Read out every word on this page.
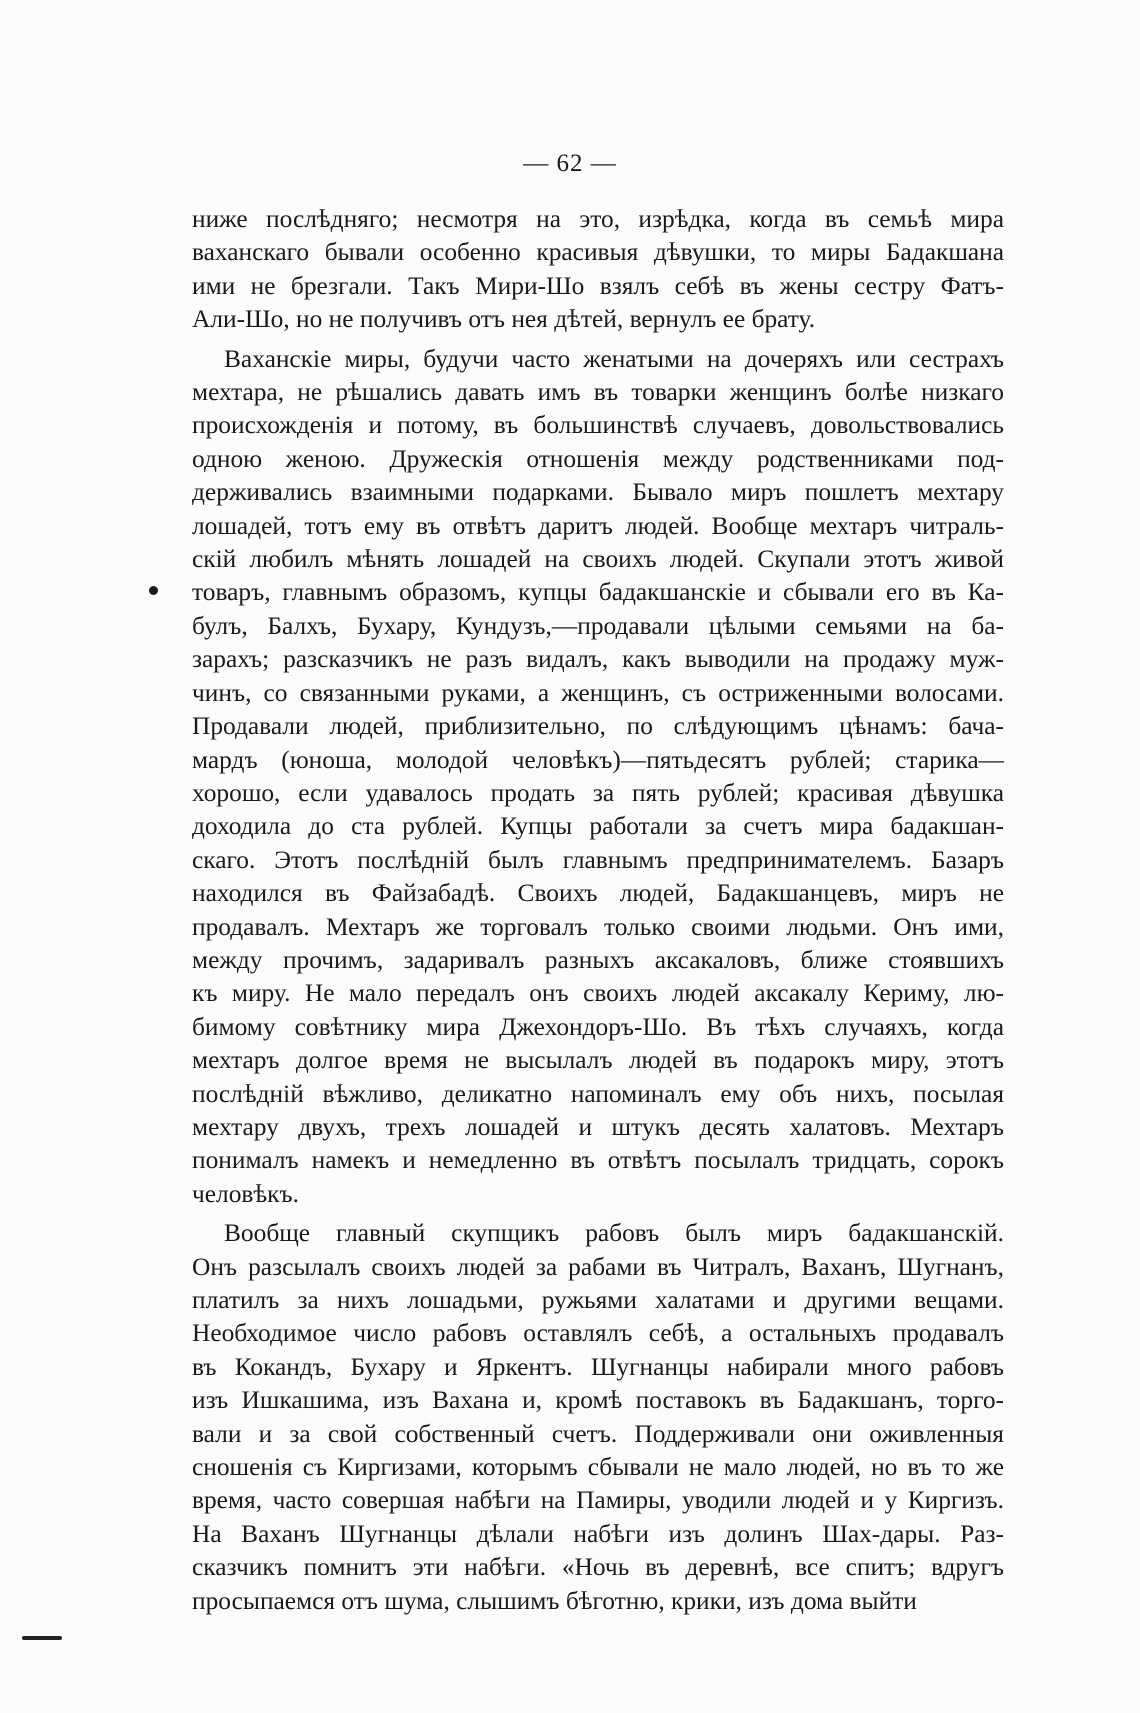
— 62 —

ниже послѣдняго; несмотря на это, изрѣдка, когда въ семьѣ мира
ваханскаго бывали особенно красивыя дѣвушки, то миры Бадакшана
ими не брезгали. Такъ Мири-Шо взялъ себѣ въ жены сестру Фатъ-
Али-Шо, но не получивъ отъ нея дѣтей, вернулъ ее брату.

Ваханскіе миры, будучи часто женатыми на дочеряхъ или сестрахъ
мехтара, не рѣшались давать имъ въ товарки женщинъ болѣе низкаго
происхожденія и потому, въ большинствѣ случаевъ, довольствовались
одною женою. Дружескія отношенія между родственниками под-
держивались взаимными подарками. Бывало миръ пошлетъ мехтару
лошадей, тотъ ему въ отвѣтъ даритъ людей. Вообще мехтаръ читраль-
скій любилъ мѣнять лошадей на своихъ людей. Скупали этотъ живой
товаръ, главнымъ образомъ, купцы бадакшанскіе и сбывали его въ Ка-
булъ, Балхъ, Бухару, Кундузъ,—продавали цѣлыми семьями на ба-
зарахъ; разсказчикъ не разъ видалъ, какъ выводили на продажу муж-
чинъ, со связанными руками, а женщинъ, съ остриженными волосами.
Продавали людей, приблизительно, по слѣдующимъ цѣнамъ: бача-
мардъ (юноша, молодой человѣкъ)—пятьдесятъ рублей; старика—
хорошо, если удавалось продать за пять рублей; красивая дѣвушка
доходила до ста рублей. Купцы работали за счетъ мира бадакшан-
скаго. Этотъ послѣдній былъ главнымъ предпринимателемъ. Базаръ
находился въ Файзабадѣ. Своихъ людей, Бадакшанцевъ, миръ не
продавалъ. Мехтаръ же торговалъ только своими людьми. Онъ ими,
между прочимъ, задаривалъ разныхъ аксакаловъ, ближе стоявшихъ
къ миру. Не мало передалъ онъ своихъ людей аксакалу Кериму, лю-
бимому совѣтнику мира Джехондоръ-Шо. Въ тѣхъ случаяхъ, когда
мехтаръ долгое время не высылалъ людей въ подарокъ миру, этотъ
послѣдній вѣжливо, деликатно напоминалъ ему объ нихъ, посылая
мехтару двухъ, трехъ лошадей и штукъ десять халатовъ. Мехтаръ
понималъ намекъ и немедленно въ отвѣтъ посылалъ тридцать, сорокъ
человѣкъ.

Вообще главный скупщикъ рабовъ былъ миръ бадакшанскій.
Онъ разсылалъ своихъ людей за рабами въ Читралъ, Ваханъ, Шугнанъ,
платилъ за нихъ лошадьми, ружьями халатами и другими вещами.
Необходимое число рабовъ оставлялъ себѣ, а остальныхъ продавалъ
въ Кокандъ, Бухару и Яркентъ. Шугнанцы набирали много рабовъ
изъ Ишкашима, изъ Вахана и, кромѣ поставокъ въ Бадакшанъ, торго-
вали и за свой собственный счетъ. Поддерживали они оживленныя
сношенія съ Киргизами, которымъ сбывали не мало людей, но въ то же
время, часто совершая набѣги на Памиры, уводили людей и у Киргизъ.
На Ваханъ Шугнанцы дѣлали набѣги изъ долинъ Шах-дары. Раз-
сказчикъ помнитъ эти набѣги. «Ночь въ деревнѣ, все спитъ; вдругъ
просыпаемся отъ шума, слышимъ бѣготню, крики, изъ дома выйти
